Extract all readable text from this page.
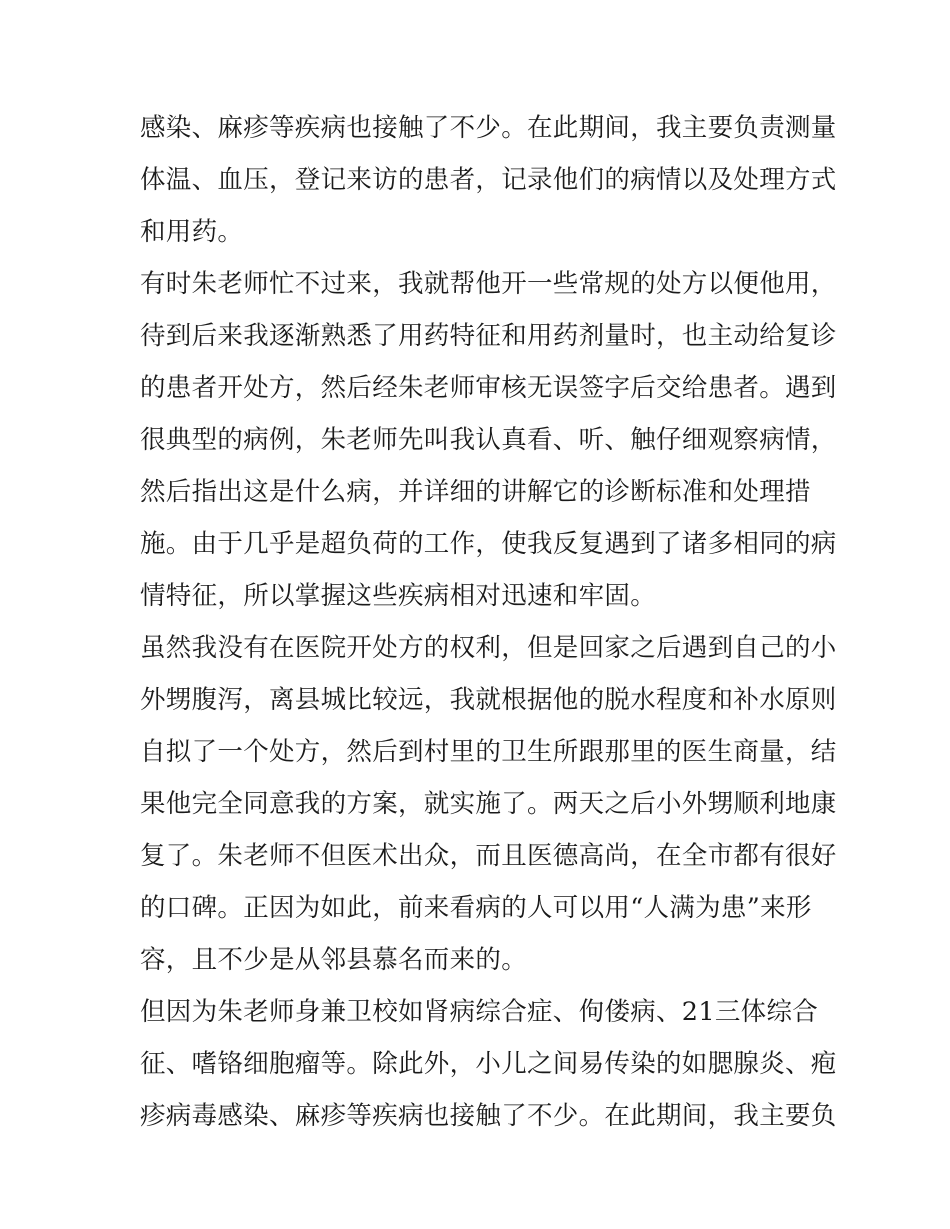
感染、麻疹等疾病也接触了不少。在此期间，我主要负责测量
体温、血压，登记来访的患者，记录他们的病情以及处理方式
和用药。
有时朱老师忙不过来，我就帮他开一些常规的处方以便他用，
待到后来我逐渐熟悉了用药特征和用药剂量时，也主动给复诊
的患者开处方，然后经朱老师审核无误签字后交给患者。遇到
很典型的病例，朱老师先叫我认真看、听、触仔细观察病情，
然后指出这是什么病，并详细的讲解它的诊断标准和处理措
施。由于几乎是超负荷的工作，使我反复遇到了诸多相同的病
情特征，所以掌握这些疾病相对迅速和牢固。
虽然我没有在医院开处方的权利，但是回家之后遇到自己的小
外甥腹泻，离县城比较远，我就根据他的脱水程度和补水原则
自拟了一个处方，然后到村里的卫生所跟那里的医生商量，结
果他完全同意我的方案，就实施了。两天之后小外甥顺利地康
复了。朱老师不但医术出众，而且医德高尚，在全市都有很好
的口碑。正因为如此，前来看病的人可以用“人满为患”来形
容，且不少是从邻县慕名而来的。
但因为朱老师身兼卫校如肾病综合症、佝偻病、21三体综合
征、嗜铬细胞瘤等。除此外，小儿之间易传染的如腮腺炎、疱
疹病毒感染、麻疹等疾病也接触了不少。在此期间，我主要负
